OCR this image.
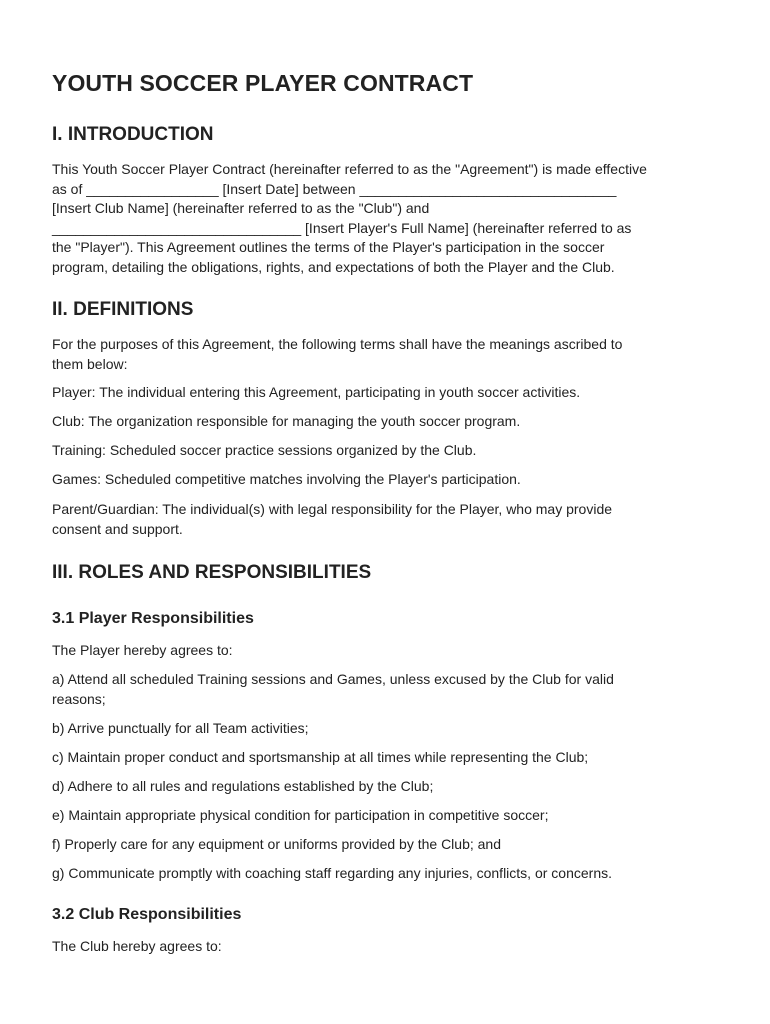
YOUTH SOCCER PLAYER CONTRACT
I. INTRODUCTION

This Youth Soccer Player Contract (hereinafter referred to as the "Agreement") is made effective
as of _________________ [Insert Date] between _________________________________
[Insert Club Name] (hereinafter referred to as the "Club") and
________________________________ [Insert Player's Full Name] (hereinafter referred to as
the "Player"). This Agreement outlines the terms of the Player's participation in the soccer
program, detailing the obligations, rights, and expectations of both the Player and the Club.

II. DEFINITIONS

For the purposes of this Agreement, the following terms shall have the meanings ascribed to
them below:

Player: The individual entering this Agreement, participating in youth soccer activities.

Club: The organization responsible for managing the youth soccer program.

Training: Scheduled soccer practice sessions organized by the Club.

Games: Scheduled competitive matches involving the Player's participation.

Parent/Guardian: The individual(s) with legal responsibility for the Player, who may provide
consent and support.

III. ROLES AND RESPONSIBILITIES
3.1 Player Responsibilities

The Player hereby agrees to:

a) Attend all scheduled Training sessions and Games, unless excused by the Club for valid
reasons;

b) Arrive punctually for all Team activities;

c) Maintain proper conduct and sportsmanship at all times while representing the Club;

d) Adhere to all rules and regulations established by the Club;

e) Maintain appropriate physical condition for participation in competitive soccer;

f) Properly care for any equipment or uniforms provided by the Club; and

g) Communicate promptly with coaching staff regarding any injuries, conflicts, or concerns.

3.2 Club Responsibilities

The Club hereby agrees to:
